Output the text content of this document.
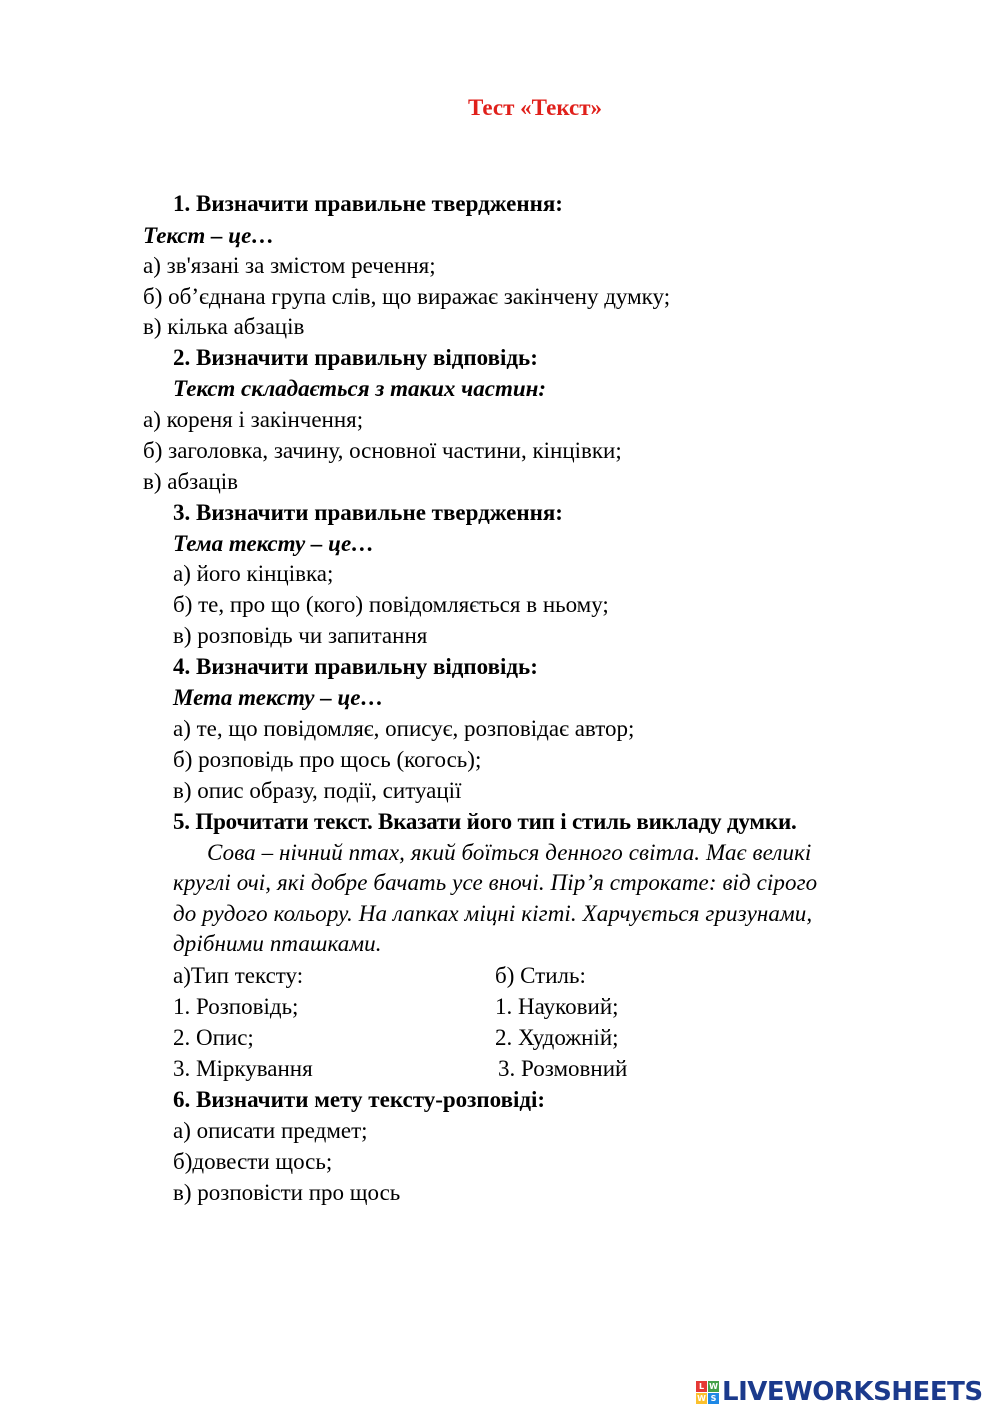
Тест «Текст»
1. Визначити правильне твердження:
Текст – це…
а) зв'язані за змістом речення;
б) об’єднана група слів, що виражає закінчену думку;
в) кілька абзаців
2. Визначити правильну відповідь:
Текст складається з таких частин:
а) кореня і закінчення;
б) заголовка, зачину, основної частини, кінцівки;
в) абзаців
3. Визначити правильне твердження:
Тема тексту – це…
а) його кінцівка;
б) те, про що (кого) повідомляється в ньому;
в) розповідь чи запитання
4. Визначити правильну відповідь:
Мета тексту – це…
а) те, що повідомляє, описує, розповідає автор;
б) розповідь про щось (когось);
в) опис образу, події, ситуації
5. Прочитати текст. Вказати його тип і стиль викладу думки.
Сова – нічний птах, який боїться денного світла. Має великі
круглі очі, які добре бачать усе вночі. Пір’я строкате: від сірого
до рудого кольору. На лапках міцні кігті. Харчується гризунами,
дрібними пташками.
а)Тип тексту:	б) Стиль:
1. Розповідь;	1. Науковий;
2. Опис;	2. Художній;
3. Міркування	3. Розмовний
6. Визначити мету тексту-розповіді:
а) описати предмет;
б)довести щось;
в) розповісти про щось
L W
W S LIVEWORKSHEETS
